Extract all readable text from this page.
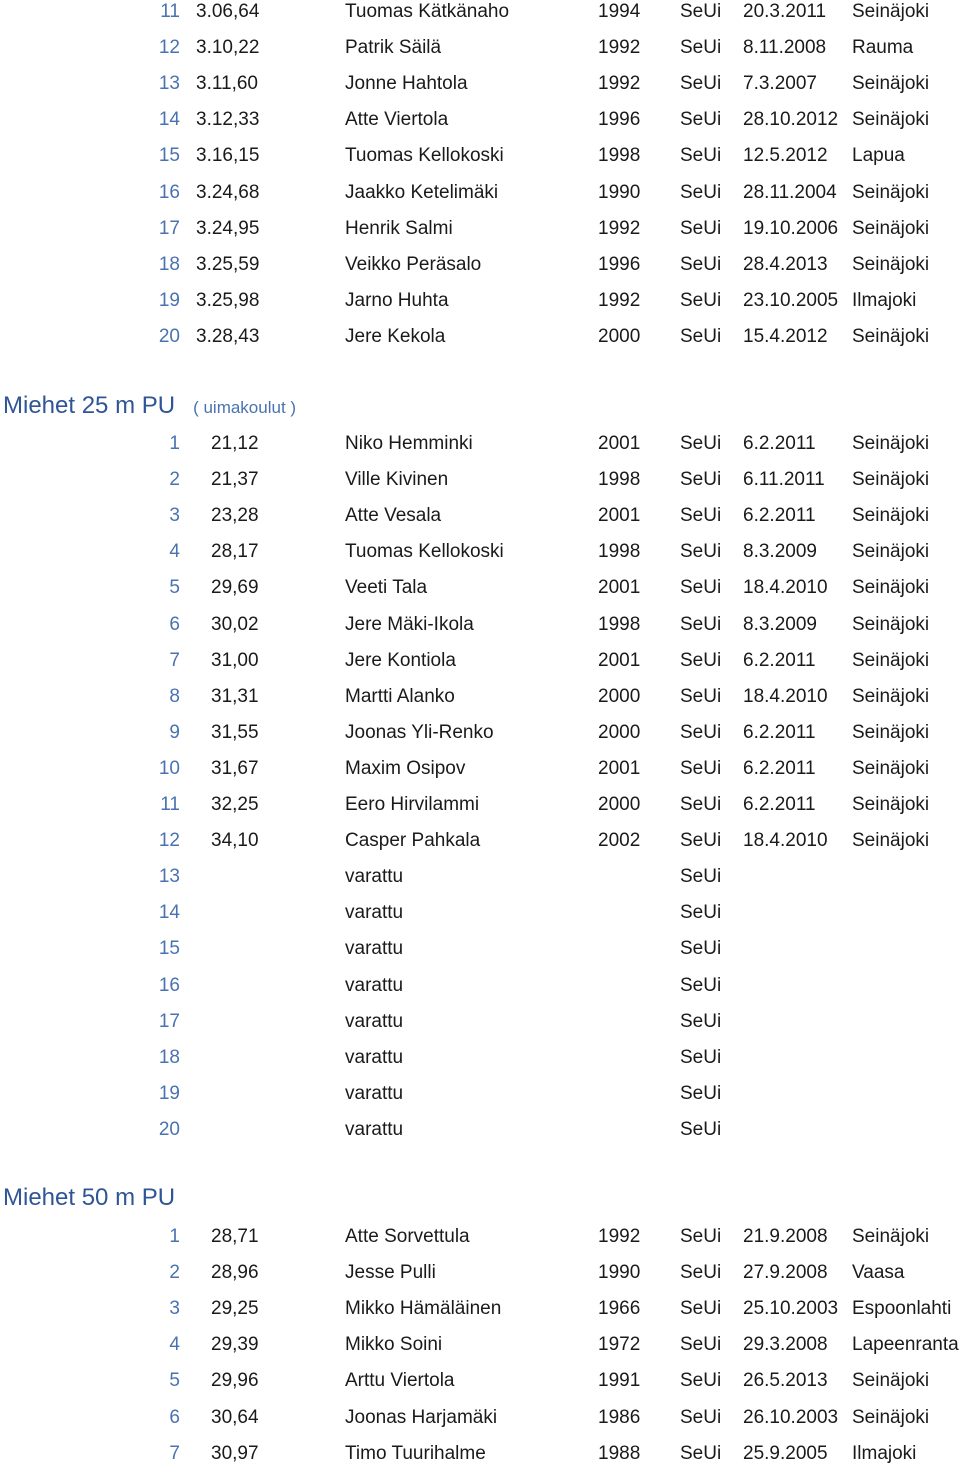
11 3.06,64	Tuomas Kätkänaho	1994 SeUi 20.3.2011 Seinäjoki
12 3.10,22	Patrik Säilä	1992 SeUi 8.11.2008 Rauma
13 3.11,60	Jonne Hahtola	1992 SeUi 7.3.2007 Seinäjoki
14 3.12,33	Atte Viertola	1996 SeUi 28.10.2012 Seinäjoki
15 3.16,15	Tuomas Kellokoski	1998 SeUi 12.5.2012 Lapua
16 3.24,68	Jaakko Ketelimäki	1990 SeUi 28.11.2004 Seinäjoki
17 3.24,95	Henrik Salmi	1992 SeUi 19.10.2006 Seinäjoki
18 3.25,59	Veikko Peräsalo	1996 SeUi 28.4.2013 Seinäjoki
19 3.25,98	Jarno Huhta	1992 SeUi 23.10.2005 Ilmajoki
20 3.28,43	Jere Kekola	2000 SeUi 15.4.2012 Seinäjoki
Miehet 25 m PU ( uimakoulut )
1 21,12	Niko Hemminki	2001 SeUi 6.2.2011 Seinäjoki
2 21,37	Ville Kivinen	1998 SeUi 6.11.2011 Seinäjoki
3 23,28	Atte Vesala	2001 SeUi 6.2.2011 Seinäjoki
4 28,17	Tuomas Kellokoski	1998 SeUi 8.3.2009 Seinäjoki
5 29,69	Veeti Tala	2001 SeUi 18.4.2010 Seinäjoki
6 30,02	Jere Mäki-Ikola	1998 SeUi 8.3.2009 Seinäjoki
7 31,00	Jere Kontiola	2001 SeUi 6.2.2011 Seinäjoki
8 31,31	Martti Alanko	2000 SeUi 18.4.2010 Seinäjoki
9 31,55	Joonas Yli-Renko	2000 SeUi 6.2.2011 Seinäjoki
10 31,67	Maxim Osipov	2001 SeUi 6.2.2011 Seinäjoki
11 32,25	Eero Hirvilammi	2000 SeUi 6.2.2011 Seinäjoki
12 34,10	Casper Pahkala	2002 SeUi 18.4.2010 Seinäjoki
13	varattu	SeUi
14	varattu	SeUi
15	varattu	SeUi
16	varattu	SeUi
17	varattu	SeUi
18	varattu	SeUi
19	varattu	SeUi
20	varattu	SeUi
Miehet 50 m PU
1 28,71	Atte Sorvettula	1992 SeUi 21.9.2008 Seinäjoki
2 28,96	Jesse Pulli	1990 SeUi 27.9.2008 Vaasa
3 29,25	Mikko Hämäläinen	1966 SeUi 25.10.2003 Espoonlahti
4 29,39	Mikko Soini	1972 SeUi 29.3.2008 Lapeenranta
5 29,96	Arttu Viertola	1991 SeUi 26.5.2013 Seinäjoki
6 30,64	Joonas Harjamäki	1986 SeUi 26.10.2003 Seinäjoki
7 30,97	Timo Tuurihalme	1988 SeUi 25.9.2005 Ilmajoki
